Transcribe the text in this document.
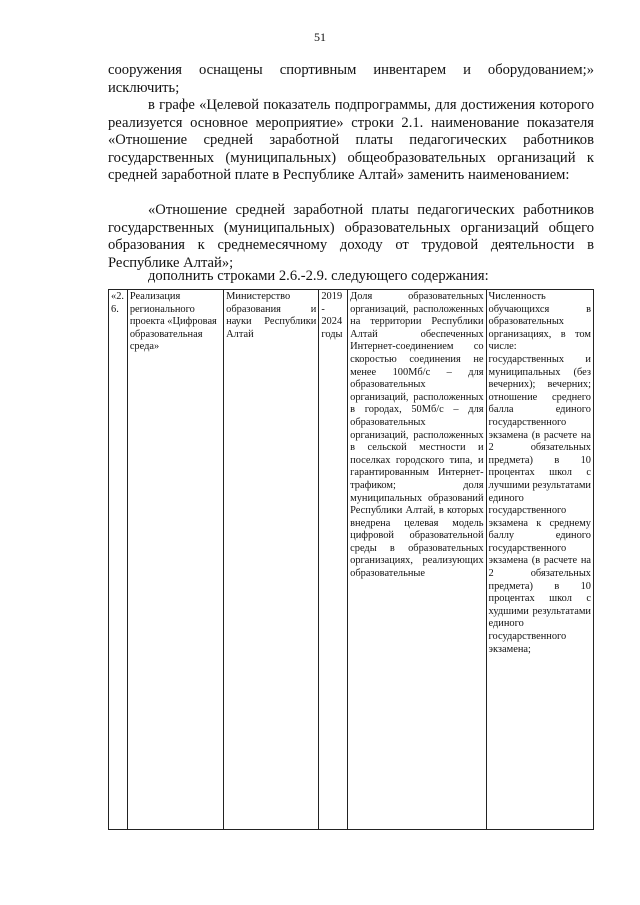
51

сооружения оснащены спортивным инвентарем и оборудованием;» исключить;

в графе «Целевой показатель подпрограммы, для достижения которого реализуется основное мероприятие» строки 2.1. наименование показателя «Отношение средней заработной платы педагогических работников государственных (муниципальных) общеобразовательных организаций к средней заработной плате в Республике Алтай» заменить наименованием:

«Отношение средней заработной платы педагогических работников государственных (муниципальных) образовательных организаций общего образования к среднемесячному доходу от трудовой деятельности в Республике Алтай»;

дополнить строками 2.6.-2.9. следующего содержания:

«2. 6.	Реализация регионального проекта «Цифровая образовательная среда»	Министерство образования и науки Республики Алтай	2019 - 2024 годы	Доля образовательных организаций, расположенных на территории Республики Алтай обеспеченных Интернет-соединением со скоростью соединения не менее 100Мб/с – для образовательных организаций, расположенных в городах, 50Мб/с – для образовательных организаций, расположенных в сельской местности и поселках городского типа, и гарантированным Интернет-трафиком; доля муниципальных образований Республики Алтай, в которых внедрена целевая модель цифровой образовательной среды в образовательных организациях, реализующих образовательные	Численность обучающихся в образовательных организациях, в том числе: государственных и муниципальных (без вечерних); вечерних; отношение среднего балла единого государственного экзамена (в расчете на 2 обязательных предмета) в 10 процентах школ с лучшими результатами единого государственного экзамена к среднему баллу единого государственного экзамена (в расчете на 2 обязательных предмета) в 10 процентах школ с худшими результатами единого государственного экзамена;
